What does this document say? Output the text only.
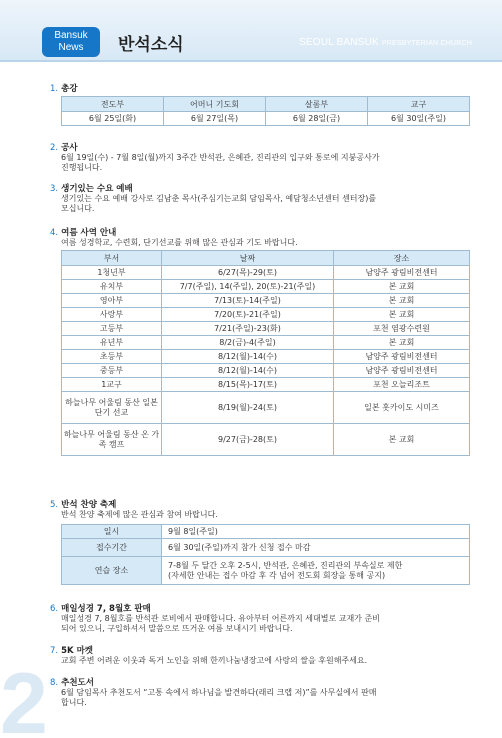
Bansuk
News	반석소식	SEOUL BANSUK PRESBYTERIAN CHURCH
2
1. 총강
전도부	어머니 기도회	살롬부	교구
6월 25일(화)	6월 27일(목)	6월 28일(금)	6월 30일(주일)
2. 공사
6월 19일(수) - 7월 8일(월)까지 3주간 반석관, 은혜관, 진리관의 입구와 통로에 지붕공사가
진행됩니다.
3. 생기있는 수요 예배
생기있는 수요 예배 강사로 김남춘 목사(주심기는교회 담임목사, 예담청소년센터 센터장)를
모십니다.
4. 여름 사역 안내
여름 성경학교, 수련회, 단기선교를 위해 많은 관심과 기도 바랍니다.
부서	날짜	장소
1청년부	6/27(목)-29(토)	남양주 광림비전센터
유치부	7/7(주일), 14(주일), 20(토)-21(주일)	본 교회
영아부	7/13(토)-14(주일)	본 교회
사랑부	7/20(토)-21(주일)	본 교회
고등부	7/21(주일)-23(화)	포천 염광수련원
유년부	8/2(금)-4(주일)	본 교회
초등부	8/12(월)-14(수)	남양주 광림비전센터
중등부	8/12(월)-14(수)	남양주 광림비전센터
1교구	8/15(목)-17(토)	포천 오늘리조트
하늘나무 어울림 동산 일본 단기 선교	8/19(월)-24(토)	일본 홋카이도 시미즈
하늘나무 어울림 동산 온 가족 캠프	9/27(금)-28(토)	본 교회
5. 반석 찬양 축제
반석 찬양 축제에 많은 관심과 참여 바랍니다.
일시	9월 8일(주일)
접수기간	6월 30일(주일)까지 참가 신청 접수 마감
연습 장소	7-8월 두 달간 오후 2-5시, 반석관, 은혜관, 진리관의 부속실로 제한
(자세한 안내는 접수 마감 후 각 넘어 전도회 회장을 통해 공지)
6. 매일성경 7, 8월호 판매
매일성경 7, 8월호를 반석관 로비에서 판매합니다. 유아부터 어른까지 세대별로 교재가 준비
되어 있으니, 구입하셔서 말씀으로 뜨거운 여름 보내시기 바랍니다.
7. 5K 마켓
교회 주변 어려운 이웃과 독거 노인을 위해 한끼나눔냉장고에 사랑의 쌀을 후원해주세요.
8. 추천도서
6월 담임목사 추천도서 “고통 속에서 하나님을 발견하다(래리 크랩 저)”를 사무실에서 판매
합니다.
